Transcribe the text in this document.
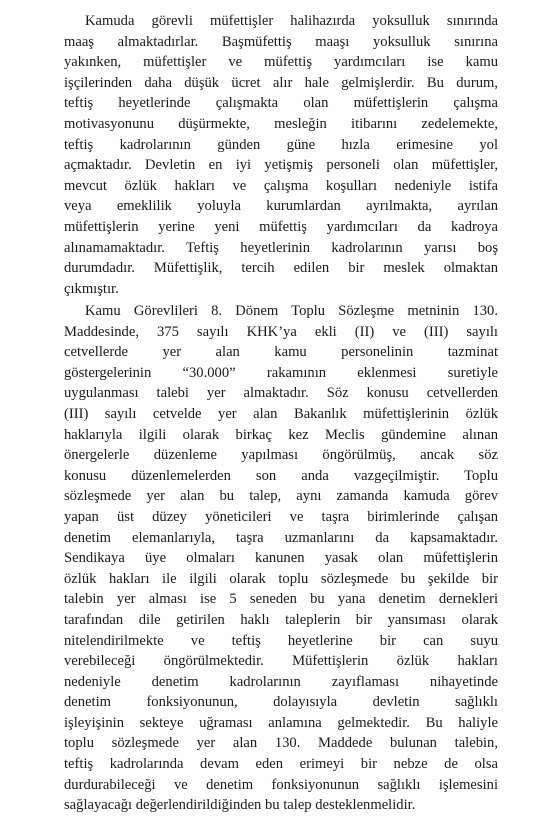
Kamuda görevli müfettişler halihazırda yoksulluk sınırında
maaş almaktadırlar. Başmüfettiş maaşı yoksulluk sınırına
yakınken, müfettişler ve müfettiş yardımcıları ise kamu
işçilerinden daha düşük ücret alır hale gelmişlerdir. Bu durum,
teftiş heyetlerinde çalışmakta olan müfettişlerin çalışma
motivasyonunu düşürmekte, mesleğin itibarını zedelemekte,
teftiş kadrolarının günden güne hızla erimesine yol
açmaktadır. Devletin en iyi yetişmiş personeli olan müfettişler,
mevcut özlük hakları ve çalışma koşulları nedeniyle istifa
veya emeklilik yoluyla kurumlardan ayrılmakta, ayrılan
müfettişlerin yerine yeni müfettiş yardımcıları da kadroya
alınamamaktadır. Teftiş heyetlerinin kadrolarının yarısı boş
durumdadır. Müfettişlik, tercih edilen bir meslek olmaktan
çıkmıştır.
Kamu Görevlileri 8. Dönem Toplu Sözleşme metninin 130.
Maddesinde, 375 sayılı KHK’ya ekli (II) ve (III) sayılı
cetvellerde yer alan kamu personelinin tazminat
göstergelerinin “30.000” rakamının eklenmesi suretiyle
uygulanması talebi yer almaktadır. Söz konusu cetvellerden
(III) sayılı cetvelde yer alan Bakanlık müfettişlerinin özlük
haklarıyla ilgili olarak birkaç kez Meclis gündemine alınan
önergelerle düzenleme yapılması öngörülmüş, ancak söz
konusu düzenlemelerden son anda vazgeçilmiştir. Toplu
sözleşmede yer alan bu talep, aynı zamanda kamuda görev
yapan üst düzey yöneticileri ve taşra birimlerinde çalışan
denetim elemanlarıyla, taşra uzmanlarını da kapsamaktadır.
Sendikaya üye olmaları kanunen yasak olan müfettişlerin
özlük hakları ile ilgili olarak toplu sözleşmede bu şekilde bir
talebin yer alması ise 5 seneden bu yana denetim dernekleri
tarafından dile getirilen haklı taleplerin bir yansıması olarak
nitelendirilmekte ve teftiş heyetlerine bir can suyu
verebileceği öngörülmektedir. Müfettişlerin özlük hakları
nedeniyle denetim kadrolarının zayıflaması nihayetinde
denetim fonksiyonunun, dolayısıyla devletin sağlıklı
işleyişinin sekteye uğraması anlamına gelmektedir. Bu haliyle
toplu sözleşmede yer alan 130. Maddede bulunan talebin,
teftiş kadrolarında devam eden erimeyi bir nebze de olsa
durdurabileceği ve denetim fonksiyonunun sağlıklı işlemesini
sağlayacağı değerlendirildiğinden bu talep desteklenmelidir.
